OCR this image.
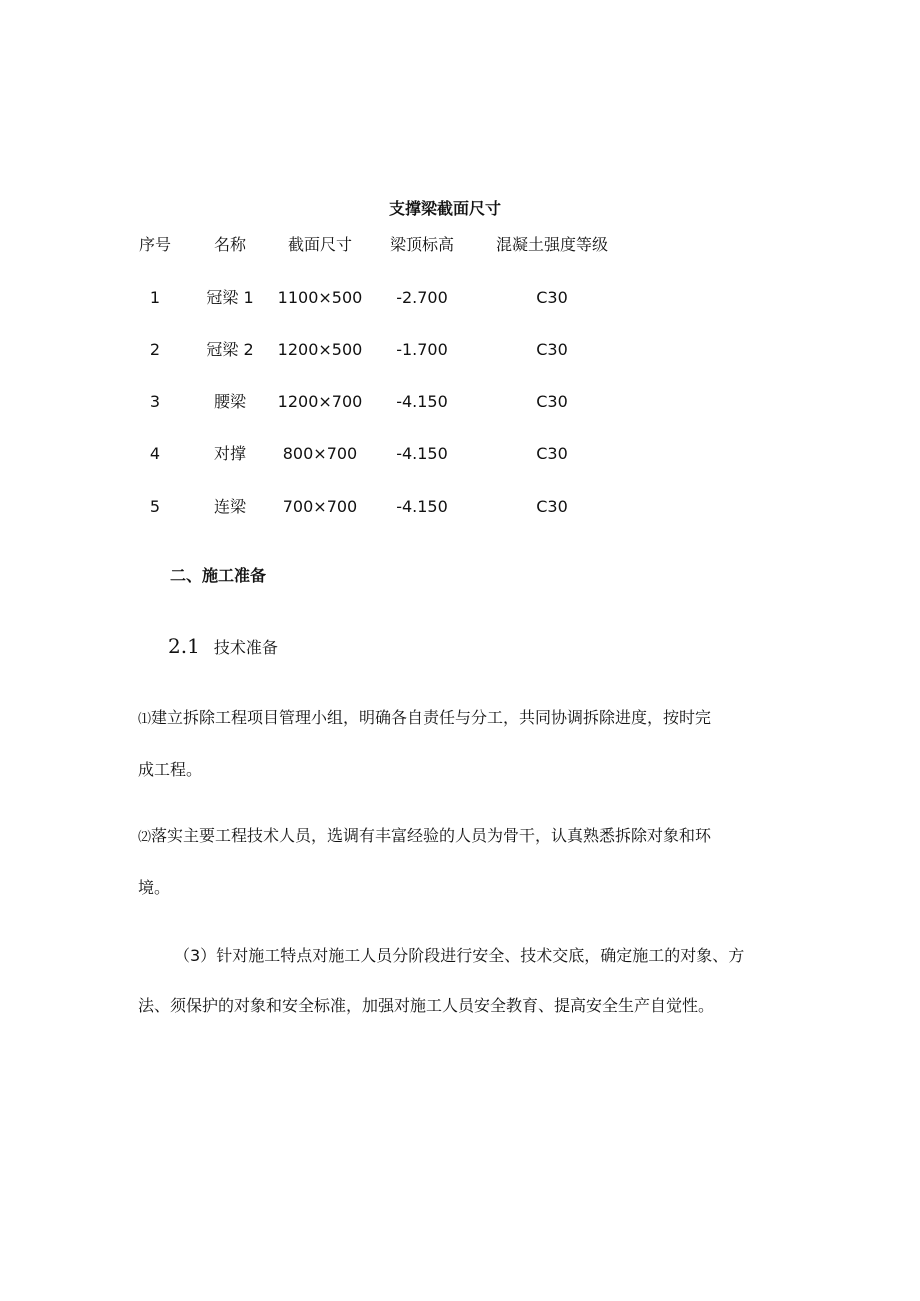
支撑梁截面尺寸
序号	名称	截面尺寸	梁顶标高	混凝土强度等级
1	冠梁 1	1100×500	-2.700	C30
2	冠梁 2	1200×500	-1.700	C30
3	腰梁	1200×700	-4.150	C30
4	对撑	800×700	-4.150	C30
5	连梁	700×700	-4.150	C30
二、施工准备
2.1 技术准备
⑴建立拆除工程项目管理小组，明确各自责任与分工，共同协调拆除进度，按时完
成工程。
⑵落实主要工程技术人员，选调有丰富经验的人员为骨干，认真熟悉拆除对象和环
境。
（3）针对施工特点对施工人员分阶段进行安全、技术交底，确定施工的对象、方
法、须保护的对象和安全标准，加强对施工人员安全教育、提高安全生产自觉性。
